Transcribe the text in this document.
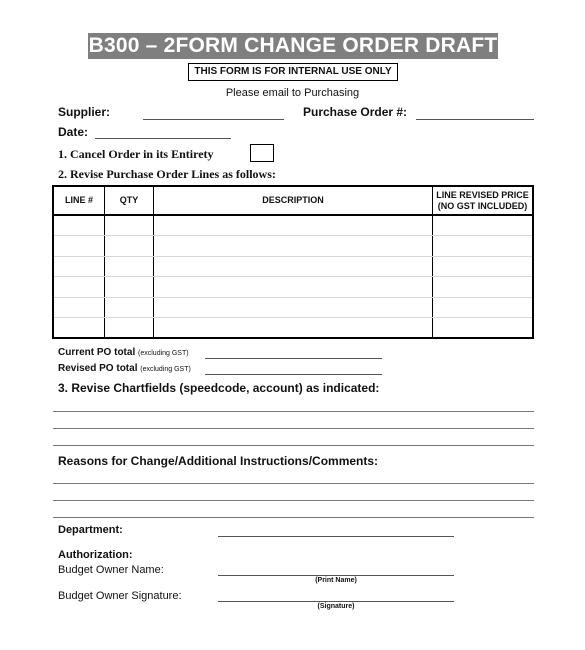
B300 – 2FORM CHANGE ORDER DRAFT
THIS FORM IS FOR INTERNAL USE ONLY
Please email to Purchasing
Supplier:	Purchase Order #:
Date:
1. Cancel Order in its Entirety
2. Revise Purchase Order Lines as follows:
LINE #	QTY	DESCRIPTION	LINE REVISED PRICE
(NO GST INCLUDED)

Current PO total (excluding GST)
Revised PO total (excluding GST)
3. Revise Chartfields (speedcode, account) as indicated:
Reasons for Change/Additional Instructions/Comments:
Department:
Authorization:
Budget Owner Name:
(Print Name)
Budget Owner Signature:
(Signature)
